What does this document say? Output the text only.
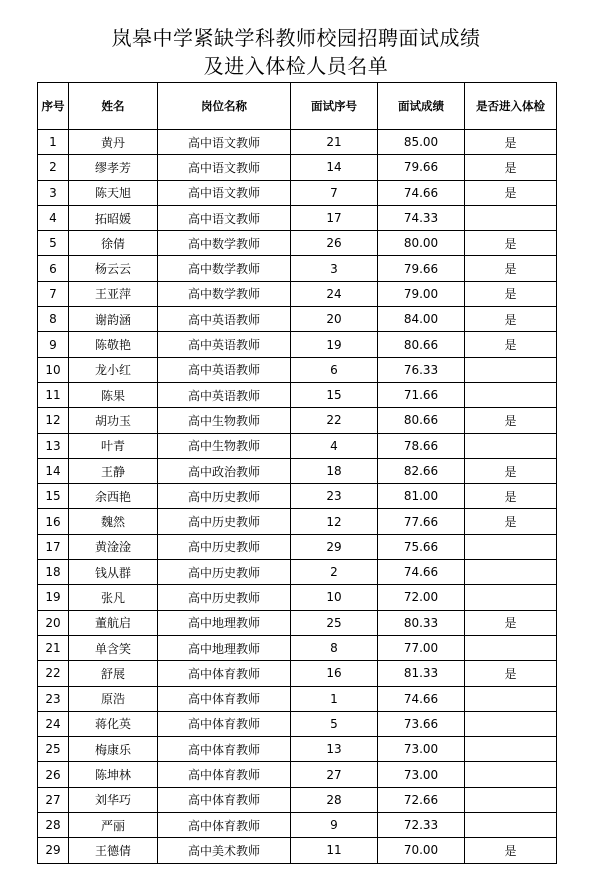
岚皋中学紧缺学科教师校园招聘面试成绩
及进入体检人员名单
序号	姓名	岗位名称	面试序号	面试成绩	是否进入体检
1	黄丹	高中语文教师	21	85.00	是
2	缪孝芳	高中语文教师	14	79.66	是
3	陈天旭	高中语文教师	7	74.66	是
4	拓昭媛	高中语文教师	17	74.33	
5	徐倩	高中数学教师	26	80.00	是
6	杨云云	高中数学教师	3	79.66	是
7	王亚萍	高中数学教师	24	79.00	是
8	谢韵涵	高中英语教师	20	84.00	是
9	陈敬艳	高中英语教师	19	80.66	是
10	龙小红	高中英语教师	6	76.33	
11	陈果	高中英语教师	15	71.66	
12	胡功玉	高中生物教师	22	80.66	是
13	叶青	高中生物教师	4	78.66	
14	王静	高中政治教师	18	82.66	是
15	余西艳	高中历史教师	23	81.00	是
16	魏然	高中历史教师	12	77.66	是
17	黄淦淦	高中历史教师	29	75.66	
18	钱从群	高中历史教师	2	74.66	
19	张凡	高中历史教师	10	72.00	
20	董航启	高中地理教师	25	80.33	是
21	单含笑	高中地理教师	8	77.00	
22	舒展	高中体育教师	16	81.33	是
23	原浩	高中体育教师	1	74.66	
24	蒋化英	高中体育教师	5	73.66	
25	梅康乐	高中体育教师	13	73.00	
26	陈坤林	高中体育教师	27	73.00	
27	刘华巧	高中体育教师	28	72.66	
28	严丽	高中体育教师	9	72.33	
29	王德倩	高中美术教师	11	70.00	是
